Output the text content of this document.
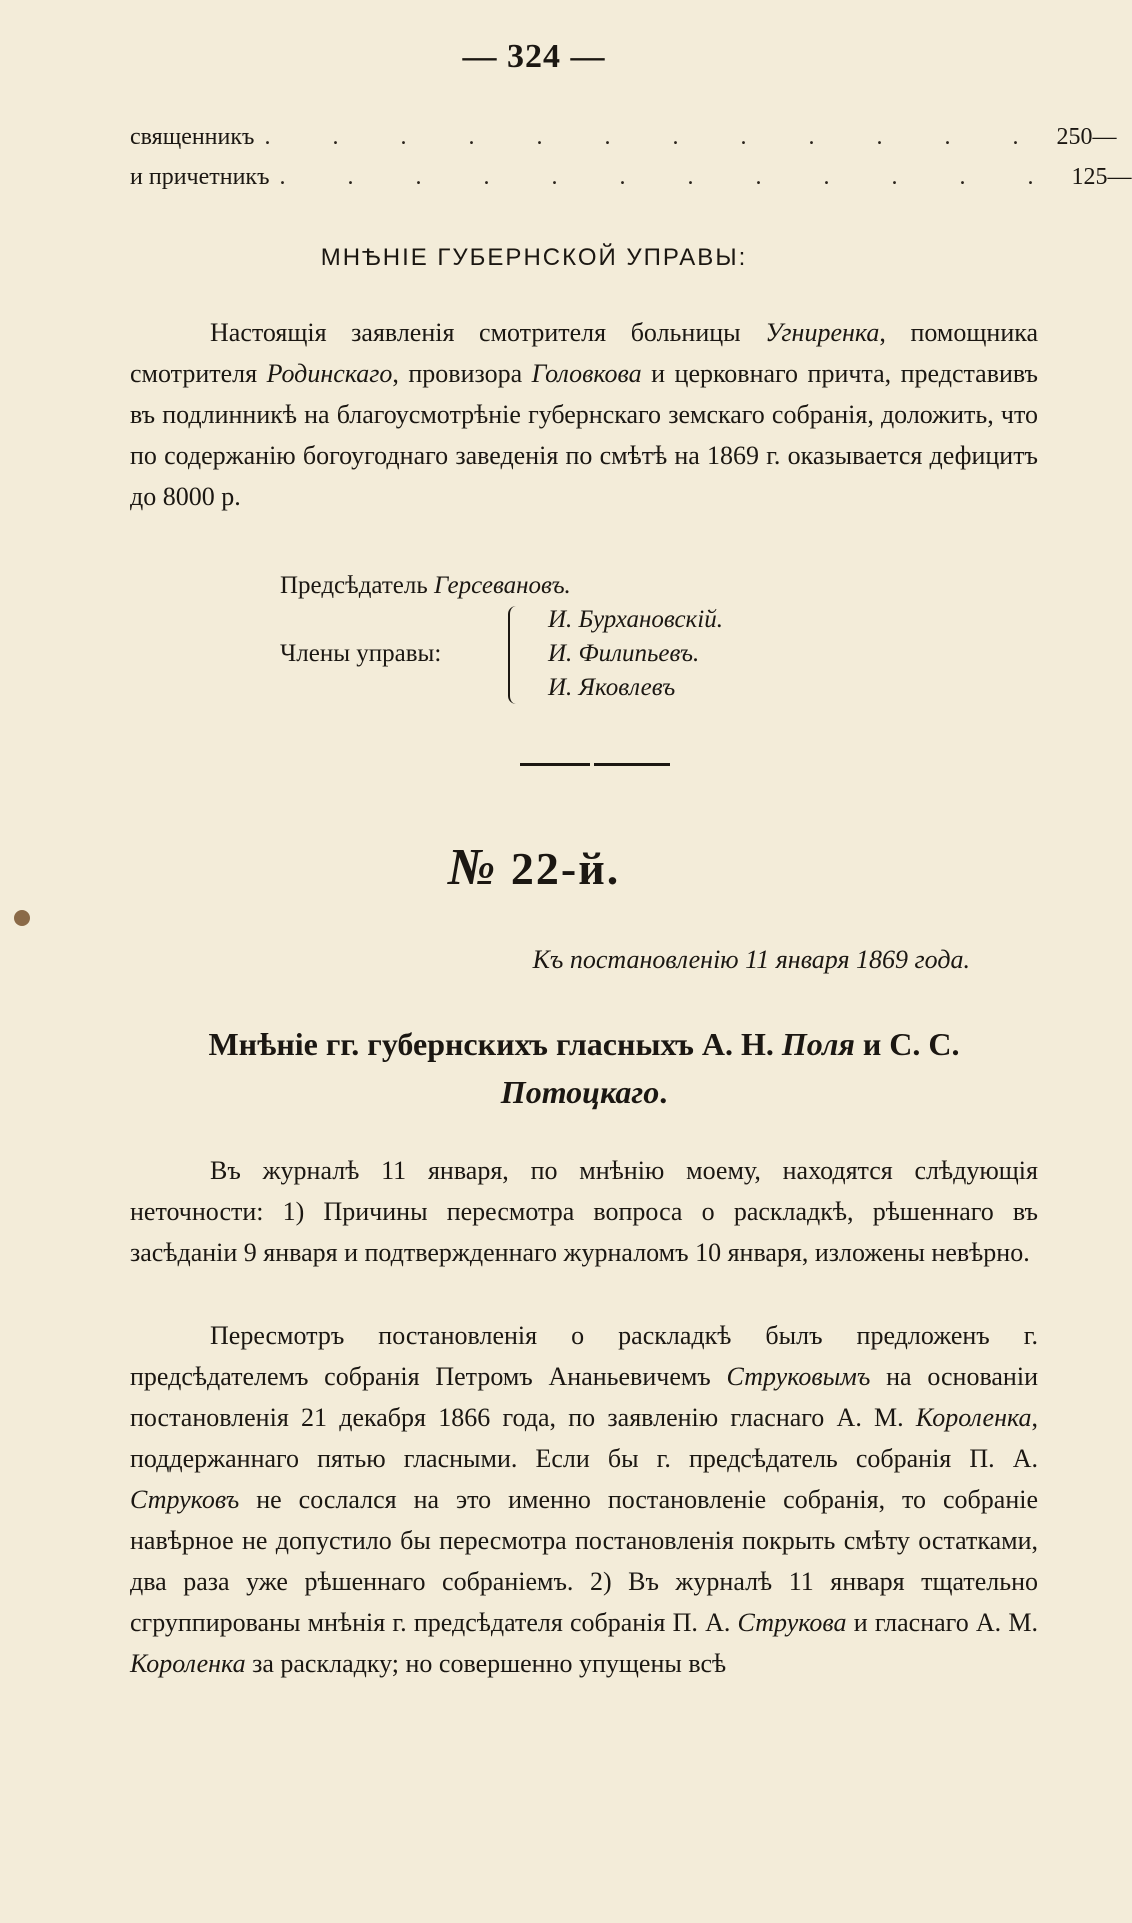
— 324 —
священникъ . . . . . . . . . . . . 250 —
и причетникъ . . . . . . . . . . . . 125 —
МНѢНІЕ ГУБЕРНСКОЙ УПРАВЫ:

Настоящія заявленія смотрителя больницы Угниренка, помощника смотрителя Родинскаго, провизора Головкова и церковнаго причта, представивъ въ подлинникѣ на благоусмотрѣніе губернскаго земскаго собранія, доложить, что по содержанію богоугоднаго заведенія по смѣтѣ на 1869 г. оказывается дефицитъ до 8000 р.

Предсѣдатель Герсевановъ.
Члены управы:
И. Бурхановскій.
И. Филипьевъ.
И. Яковлевъ
№ 22-й.
Къ постановленію 11 января 1869 года.

Мнѣніе гг. губернскихъ гласныхъ А. Н. Поля и С. С. Потоцкаго.

Въ журналѣ 11 января, по мнѣнію моему, находятся слѣдующія неточности: 1) Причины пересмотра вопроса о раскладкѣ, рѣшеннаго въ засѣданіи 9 января и подтвержденнаго журналомъ 10 января, изложены невѣрно.

Пересмотръ постановленія о раскладкѣ былъ предложенъ г. предсѣдателемъ собранія Петромъ Ананьевичемъ Струковымъ на основаніи постановленія 21 декабря 1866 года, по заявленію гласнаго А. М. Короленка, поддержаннаго пятью гласными. Если бы г. предсѣдатель собранія П. А. Струковъ не сослался на это именно постановленіе собранія, то собраніе навѣрное не допустило бы пересмотра постановленія покрыть смѣту остатками, два раза уже рѣшеннаго собраніемъ. 2) Въ журналѣ 11 января тщательно сгруппированы мнѣнія г. предсѣдателя собранія П. А. Струкова и гласнаго А. М. Короленка за раскладку; но совершенно упущены всѣ
